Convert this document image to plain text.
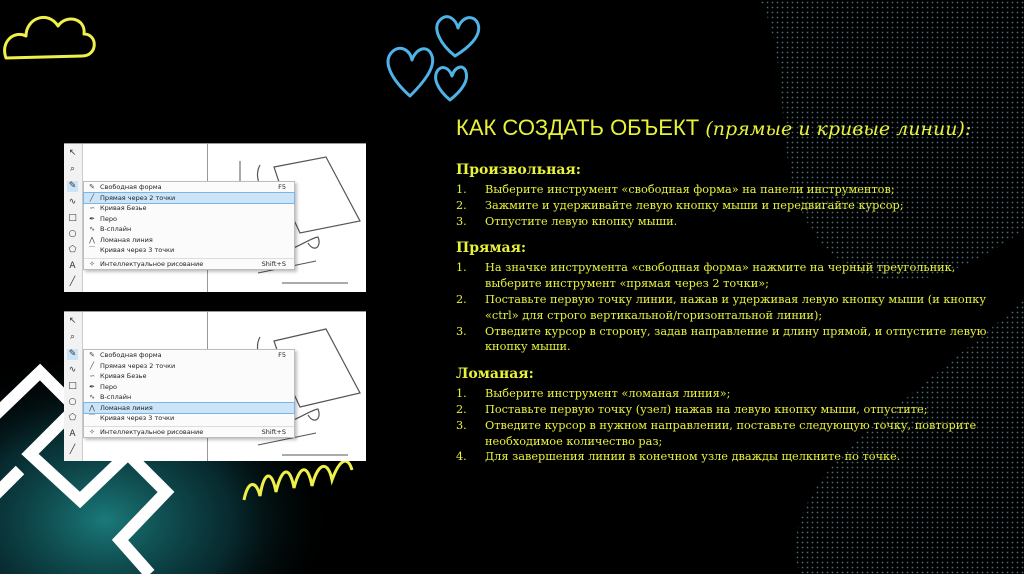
↖
⌕
✎
∿
□
○
⬠
A
╱
✎ Свободная форма	F5
╱ Прямая через 2 точки
∽ Кривая Безье
✒ Перо
∿ В-сплайн
⋀ Ломаная линия
⌒ Кривая через 3 точки
✧ Интеллектуальное рисование	Shift+S
↖
⌕
✎
∿
□
○
⬠
A
╱
✎ Свободная форма	F5
╱ Прямая через 2 точки
∽ Кривая Безье
✒ Перо
∿ В-сплайн
⋀ Ломаная линия
⌒ Кривая через 3 точки
✧ Интеллектуальное рисование	Shift+S
КАК СОЗДАТЬ ОБЪЕКТ (прямые и кривые линии):
Произвольная:
1. Выберите инструмент «свободная форма» на панели инструментов;
2. Зажмите и удерживайте левую кнопку мыши и передвигайте курсор;
3. Отпустите левую кнопку мыши.
Прямая:
1. На значке инструмента «свободная форма» нажмите на черный треугольник, выберите инструмент «прямая через 2 точки»;
2. Поставьте первую точку линии, нажав и удерживая левую кнопку мыши (и кнопку «ctrl» для строго вертикальной/горизонтальной линии);
3. Отведите курсор в сторону, задав направление и длину прямой, и отпустите левую кнопку мыши.
Ломаная:
1. Выберите инструмент «ломаная линия»;
2. Поставьте первую точку (узел) нажав на левую кнопку мыши, отпустите;
3. Отведите курсор в нужном направлении, поставьте следующую точку, повторите необходимое количество раз;
4. Для завершения линии в конечном узле дважды щелкните по точке.
